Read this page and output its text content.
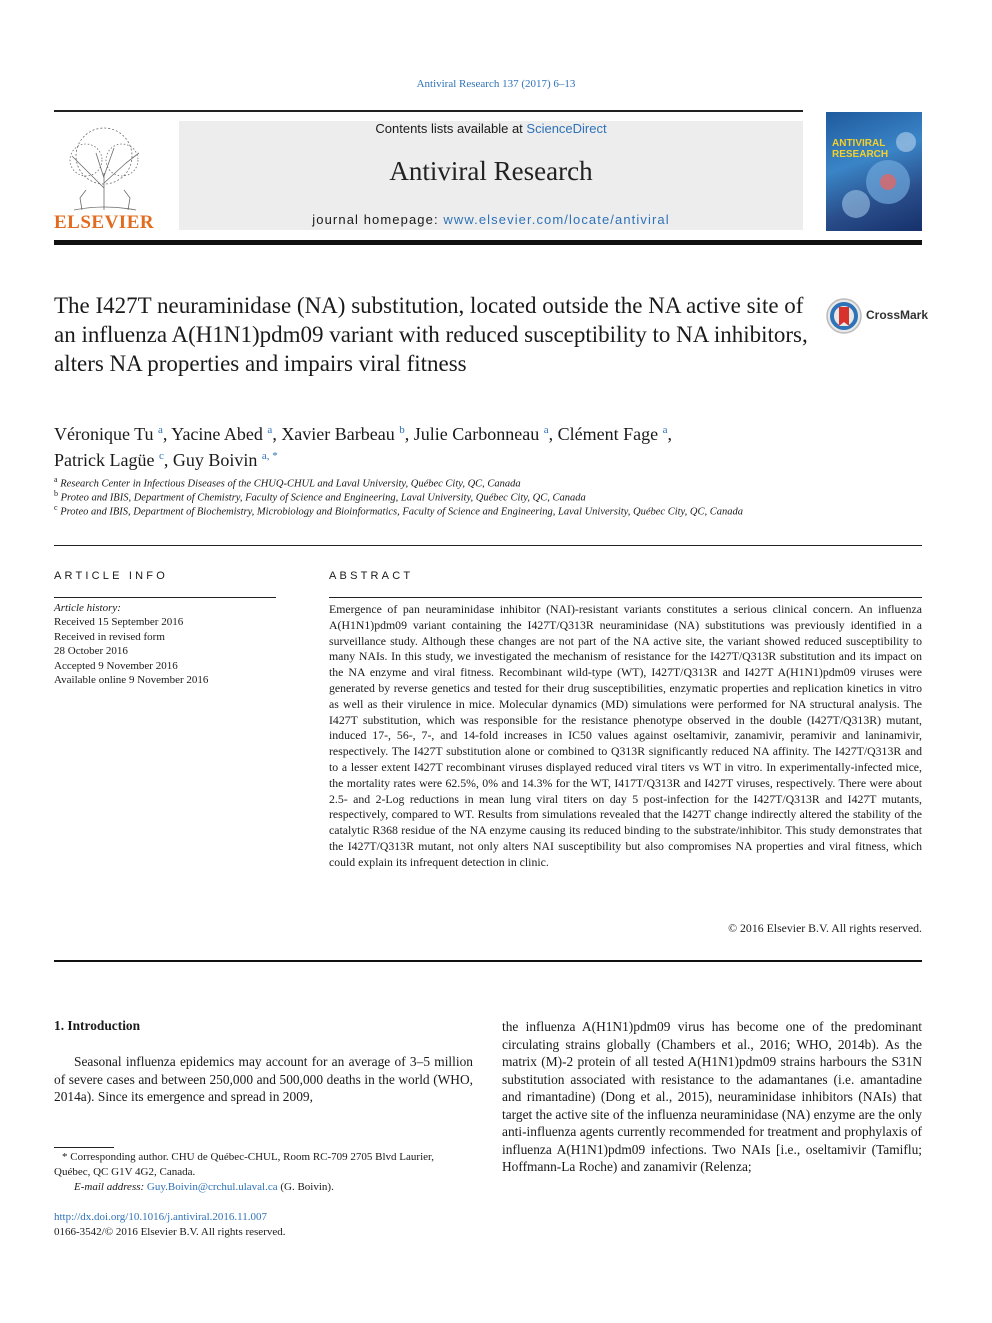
Antiviral Research 137 (2017) 6–13
ELSEVIER
Contents lists available at ScienceDirect
Antiviral Research
journal homepage: www.elsevier.com/locate/antiviral
ANTIVIRAL RESEARCH
The I427T neuraminidase (NA) substitution, located outside the NA active site of an influenza A(H1N1)pdm09 variant with reduced susceptibility to NA inhibitors, alters NA properties and impairs viral fitness
CrossMark
Véronique Tu $^a$, Yacine Abed $^a$, Xavier Barbeau $^b$, Julie Carbonneau $^a$, Clément Fage $^a$,
Patrick Lagüe $^c$, Guy Boivin $^{a, *}$
$^a$ Research Center in Infectious Diseases of the CHUQ-CHUL and Laval University, Québec City, QC, Canada
$^b$ Proteo and IBIS, Department of Chemistry, Faculty of Science and Engineering, Laval University, Québec City, QC, Canada
$^c$ Proteo and IBIS, Department of Biochemistry, Microbiology and Bioinformatics, Faculty of Science and Engineering, Laval University, Québec City, QC, Canada
ARTICLE INFO
Article history:
Received 15 September 2016
Received in revised form
28 October 2016
Accepted 9 November 2016
Available online 9 November 2016
ABSTRACT
Emergence of pan neuraminidase inhibitor (NAI)-resistant variants constitutes a serious clinical concern. An influenza A(H1N1)pdm09 variant containing the I427T/Q313R neuraminidase (NA) substitutions was previously identified in a surveillance study. Although these changes are not part of the NA active site, the variant showed reduced susceptibility to many NAIs. In this study, we investigated the mechanism of resistance for the I427T/Q313R substitution and its impact on the NA enzyme and viral fitness. Recombinant wild-type (WT), I427T/Q313R and I427T A(H1N1)pdm09 viruses were generated by reverse genetics and tested for their drug susceptibilities, enzymatic properties and replication kinetics in vitro as well as their virulence in mice. Molecular dynamics (MD) simulations were performed for NA structural analysis. The I427T substitution, which was responsible for the resistance phenotype observed in the double (I427T/Q313R) mutant, induced 17-, 56-, 7-, and 14-fold increases in IC50 values against oseltamivir, zanamivir, peramivir and laninamivir, respectively. The I427T substitution alone or combined to Q313R significantly reduced NA affinity. The I427T/Q313R and to a lesser extent I427T recombinant viruses displayed reduced viral titers vs WT in vitro. In experimentally-infected mice, the mortality rates were 62.5%, 0% and 14.3% for the WT, I417T/Q313R and I427T viruses, respectively. There were about 2.5- and 2-Log reductions in mean lung viral titers on day 5 post-infection for the I427T/Q313R and I427T mutants, respectively, compared to WT. Results from simulations revealed that the I427T change indirectly altered the stability of the catalytic R368 residue of the NA enzyme causing its reduced binding to the substrate/inhibitor. This study demonstrates that the I427T/Q313R mutant, not only alters NAI susceptibility but also compromises NA properties and viral fitness, which could explain its infrequent detection in clinic.
© 2016 Elsevier B.V. All rights reserved.
1. Introduction
Seasonal influenza epidemics may account for an average of 3–5 million of severe cases and between 250,000 and 500,000 deaths in the world (WHO, 2014a). Since its emergence and spread in 2009,
the influenza A(H1N1)pdm09 virus has become one of the predominant circulating strains globally (Chambers et al., 2016; WHO, 2014b). As the matrix (M)-2 protein of all tested A(H1N1)pdm09 strains harbours the S31N substitution associated with resistance to the adamantanes (i.e. amantadine and rimantadine) (Dong et al., 2015), neuraminidase inhibitors (NAIs) that target the active site of the influenza neuraminidase (NA) enzyme are the only anti-influenza agents currently recommended for treatment and prophylaxis of influenza A(H1N1)pdm09 infections. Two NAIs [i.e., oseltamivir (Tamiflu; Hoffmann-La Roche) and zanamivir (Relenza;
* Corresponding author. CHU de Québec-CHUL, Room RC-709 2705 Blvd Laurier, Québec, QC G1V 4G2, Canada.
E-mail address: Guy.Boivin@crchul.ulaval.ca (G. Boivin).
http://dx.doi.org/10.1016/j.antiviral.2016.11.007
0166-3542/© 2016 Elsevier B.V. All rights reserved.
